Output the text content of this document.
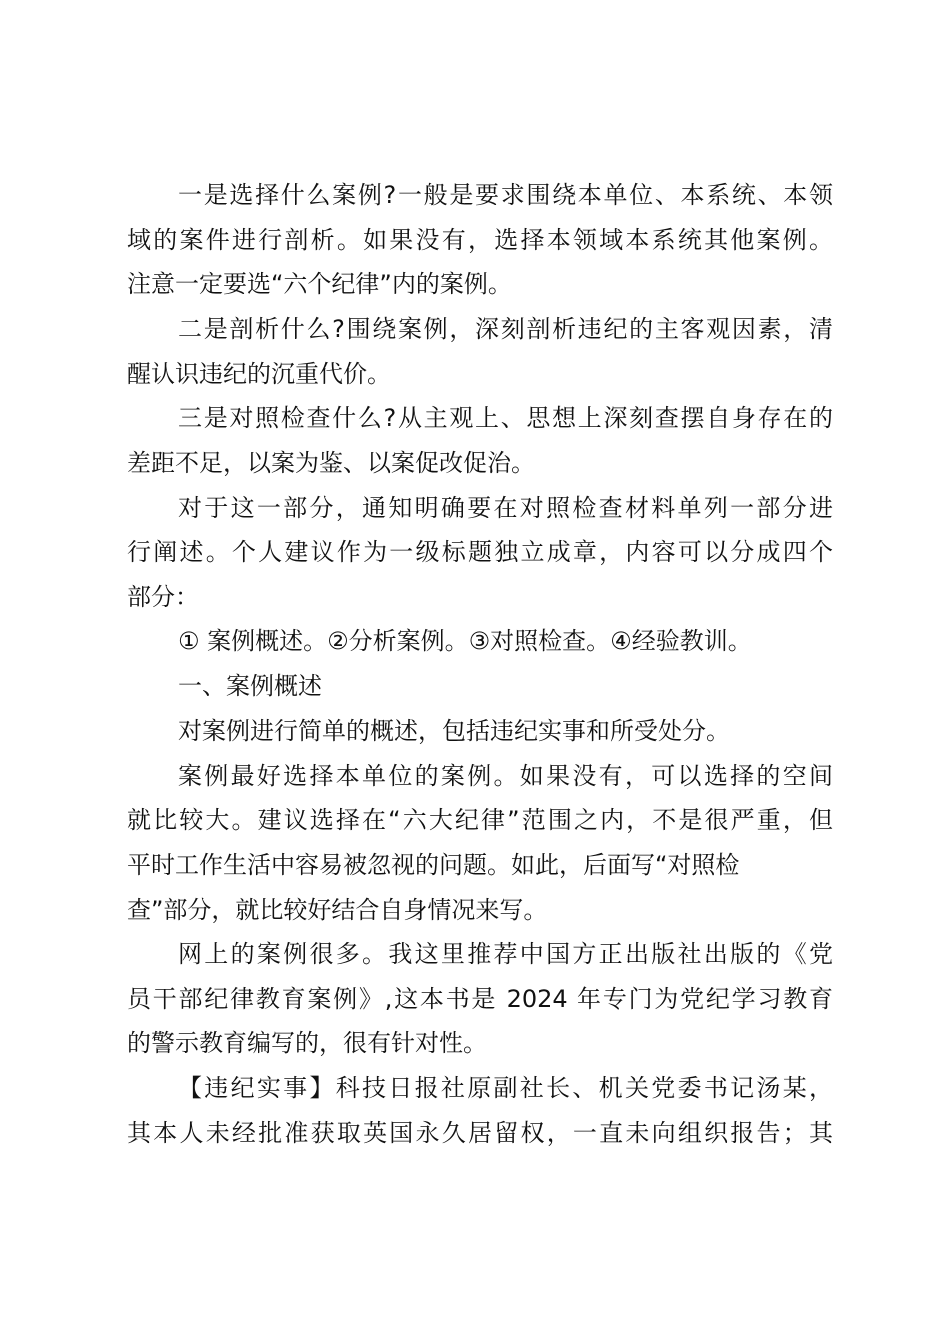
一是选择什么案例?一般是要求围绕本单位、本系统、本领
域的案件进行剖析。如果没有，选择本领域本系统其他案例。
注意一定要选“六个纪律”内的案例。
二是剖析什么?围绕案例，深刻剖析违纪的主客观因素，清
醒认识违纪的沉重代价。
三是对照检查什么?从主观上、思想上深刻查摆自身存在的
差距不足，以案为鉴、以案促改促治。
对于这一部分，通知明确要在对照检查材料单列一部分进
行阐述。个人建议作为一级标题独立成章，内容可以分成四个
部分：
① 案例概述。②分析案例。③对照检查。④经验教训。
一、案例概述
对案例进行简单的概述，包括违纪实事和所受处分。
案例最好选择本单位的案例。如果没有，可以选择的空间
就比较大。建议选择在“六大纪律”范围之内，不是很严重，但
平时工作生活中容易被忽视的问题。如此，后面写“对照检
查”部分，就比较好结合自身情况来写。
网上的案例很多。我这里推荐中国方正出版社出版的《党
员干部纪律教育案例》,这本书是 2024 年专门为党纪学习教育
的警示教育编写的，很有针对性。
【违纪实事】科技日报社原副社长、机关党委书记汤某，
其本人未经批准获取英国永久居留权，一直未向组织报告；其
